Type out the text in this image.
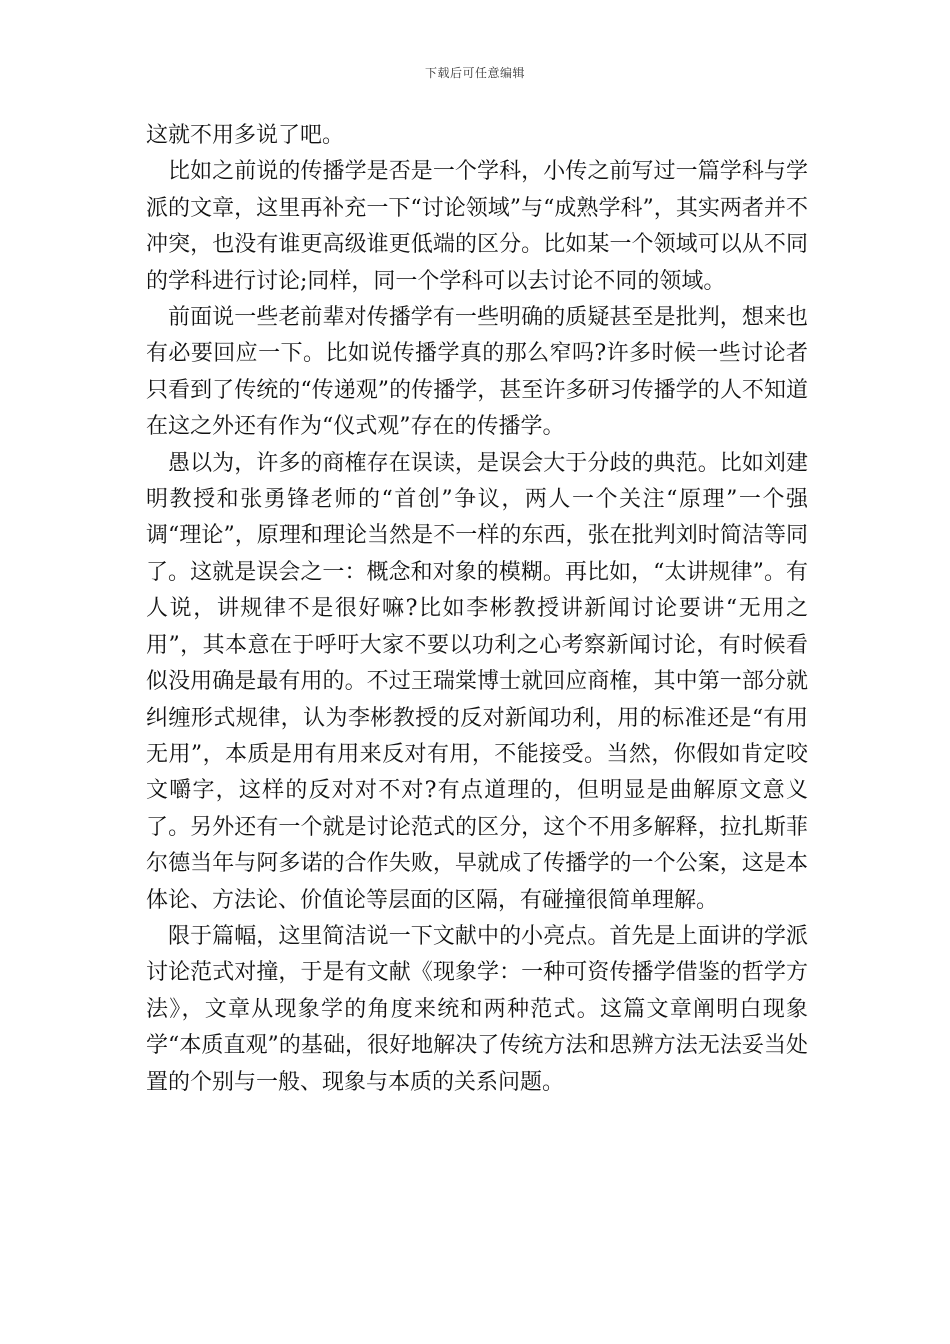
下载后可任意编辑

这就不用多说了吧。

比如之前说的传播学是否是一个学科，小传之前写过一篇学科与学派的文章，这里再补充一下“讨论领域”与“成熟学科”，其实两者并不冲突，也没有谁更高级谁更低端的区分。比如某一个领域可以从不同的学科进行讨论;同样，同一个学科可以去讨论不同的领域。

前面说一些老前辈对传播学有一些明确的质疑甚至是批判，想来也有必要回应一下。比如说传播学真的那么窄吗?许多时候一些讨论者只看到了传统的“传递观”的传播学，甚至许多研习传播学的人不知道在这之外还有作为“仪式观”存在的传播学。

愚以为，许多的商榷存在误读，是误会大于分歧的典范。比如刘建明教授和张勇锋老师的“首创”争议，两人一个关注“原理”一个强调“理论”，原理和理论当然是不一样的东西，张在批判刘时简洁等同了。这就是误会之一：概念和对象的模糊。再比如，“太讲规律”。有人说，讲规律不是很好嘛?比如李彬教授讲新闻讨论要讲“无用之用”，其本意在于呼吁大家不要以功利之心考察新闻讨论，有时候看似没用确是最有用的。不过王瑞棠博士就回应商榷，其中第一部分就纠缠形式规律，认为李彬教授的反对新闻功利，用的标准还是“有用无用”，本质是用有用来反对有用，不能接受。当然，你假如肯定咬文嚼字，这样的反对对不对?有点道理的，但明显是曲解原文意义了。另外还有一个就是讨论范式的区分，这个不用多解释，拉扎斯菲尔德当年与阿多诺的合作失败，早就成了传播学的一个公案，这是本体论、方法论、价值论等层面的区隔，有碰撞很简单理解。

限于篇幅，这里简洁说一下文献中的小亮点。首先是上面讲的学派讨论范式对撞，于是有文献《现象学：一种可资传播学借鉴的哲学方法》，文章从现象学的角度来统和两种范式。这篇文章阐明白现象学“本质直观”的基础，很好地解决了传统方法和思辨方法无法妥当处置的个别与一般、现象与本质的关系问题。
